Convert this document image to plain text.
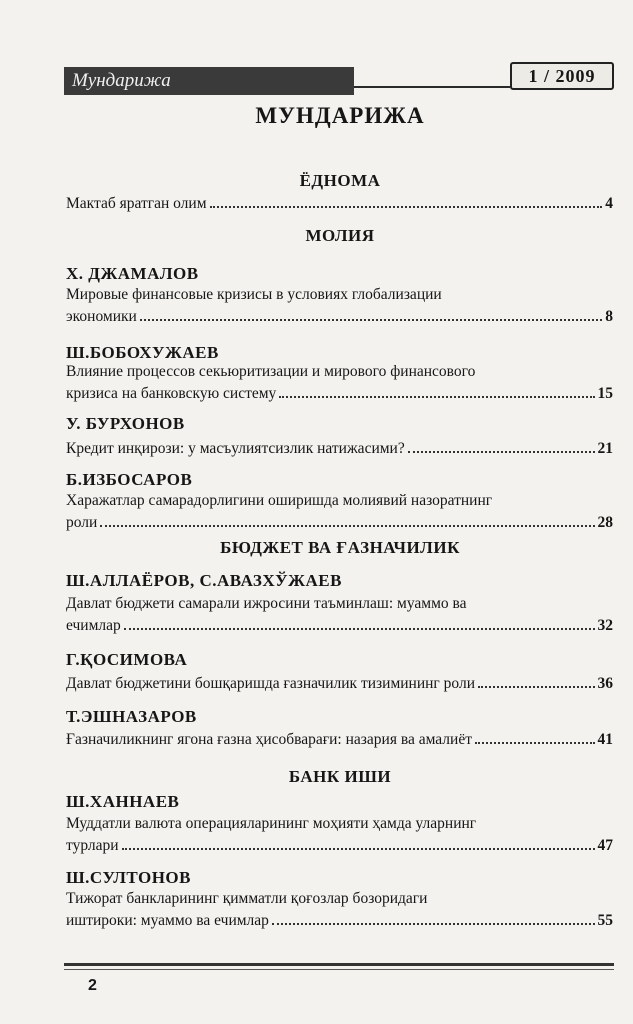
Мундарижа	1 / 2009
МУНДАРИЖА
ЁДНОМА
Мактаб яратган олим	4
МОЛИЯ
Х. ДЖАМАЛОВ
Мировые финансовые кризисы в условиях глобализации
экономики	8
Ш.БОБОХУЖАЕВ
Влияние процессов секьюритизации и мирового финансового
кризиса на банковскую систему	15
У. БУРХОНОВ
Кредит инқирози: у масъулиятсизлик натижасими?	21
Б.ИЗБОСАРОВ
Харажатлар самарадорлигини оширишда молиявий назоратнинг
роли	28
БЮДЖЕТ ВА ҒАЗНАЧИЛИК
Ш.АЛЛАЁРОВ, С.АВАЗХЎЖАЕВ
Давлат бюджети самарали ижросини таъминлаш: муаммо ва
ечимлар	32
Г.ҚОСИМОВА
Давлат бюджетини бошқаришда ғазначилик тизимининг роли	36
Т.ЭШНАЗАРОВ
Ғазначиликнинг ягона ғазна ҳисобварағи: назария ва амалиёт	41
БАНК ИШИ
Ш.ХАННАЕВ
Муддатли валюта операцияларининг моҳияти ҳамда уларнинг
турлари	47
Ш.СУЛТОНОВ
Тижорат банкларининг қимматли қоғозлар бозоридаги
иштироки: муаммо ва ечимлар	55
2
